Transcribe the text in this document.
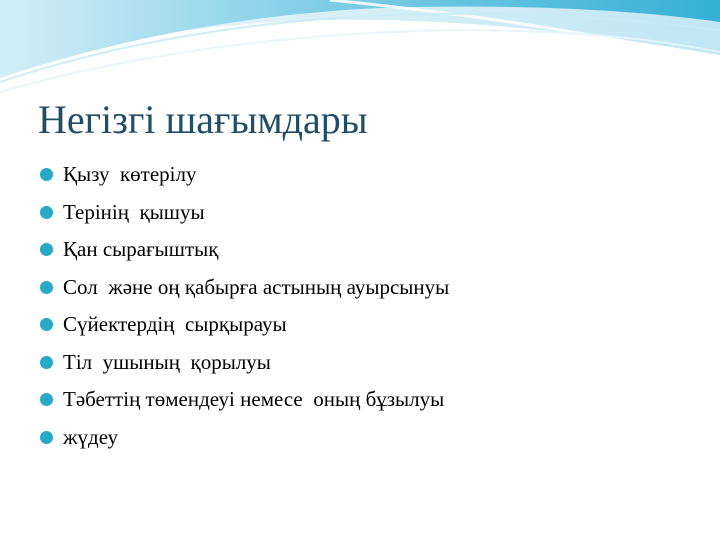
Негізгі шағымдары
Қызу  көтерілу
Терінің  қышуы
Қан сырағыштық
Сол  және оң қабырға астының ауырсынуы
Сүйектердің  сырқырауы
Тіл  ушының  қорылуы
Тәбеттің төмендеуі немесе  оның бұзылуы
жүдеу
